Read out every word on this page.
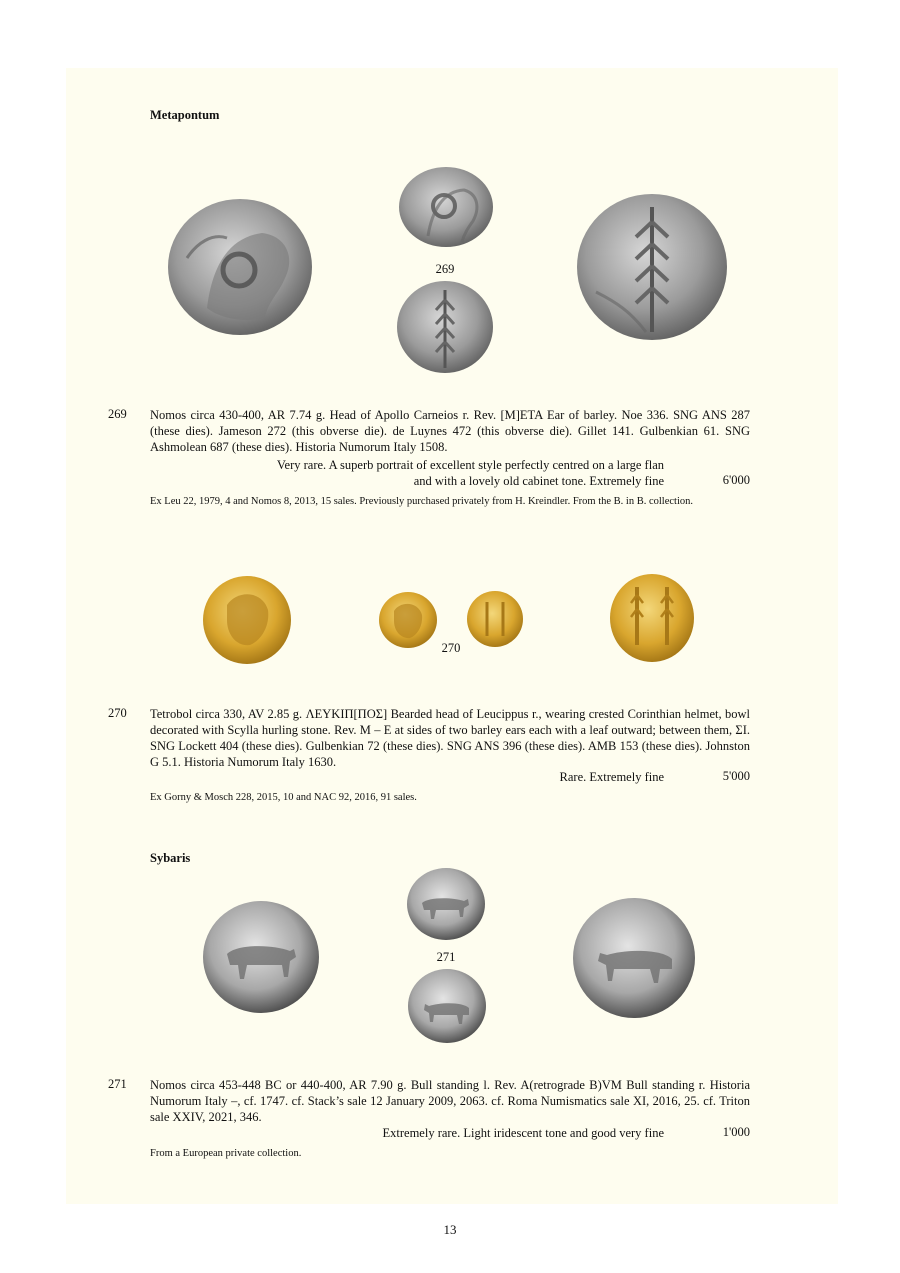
Metapontum
269
269 Nomos circa 430-400, AR 7.74 g. Head of Apollo Carneios r. Rev. [M]ETA Ear of barley. Noe 336. SNG ANS 287 (these dies). Jameson 272 (this obverse die). de Luynes 472 (this obverse die). Gillet 141. Gulbenkian 61. SNG Ashmolean 687 (these dies). Historia Numorum Italy 1508.
Very rare. A superb portrait of excellent style perfectly centred on a large flan
and with a lovely old cabinet tone. Extremely fine	6'000
Ex Leu 22, 1979, 4 and Nomos 8, 2013, 15 sales. Previously purchased privately from H. Kreindler. From the B. in B. collection.
270
270 Tetrobol circa 330, AV 2.85 g. ΛΕΥΚΙΠ[ΠΟΣ] Bearded head of Leucippus r., wearing crested Corinthian helmet, bowl decorated with Scylla hurling stone. Rev. M – E at sides of two barley ears each with a leaf outward; between them, ΣI. SNG Lockett 404 (these dies). Gulbenkian 72 (these dies). SNG ANS 396 (these dies). AMB 153 (these dies). Johnston G 5.1. Historia Numorum Italy 1630.
Rare. Extremely fine	5'000
Ex Gorny & Mosch 228, 2015, 10 and NAC 92, 2016, 91 sales.
Sybaris
271
271 Nomos circa 453-448 BC or 440-400, AR 7.90 g. Bull standing l. Rev. A(retrograde B)VM Bull standing r. Historia Numorum Italy –, cf. 1747. cf. Stack’s sale 12 January 2009, 2063. cf. Roma Numismatics sale XI, 2016, 25. cf. Triton sale XXIV, 2021, 346.
Extremely rare. Light iridescent tone and good very fine	1'000
From a European private collection.
13
